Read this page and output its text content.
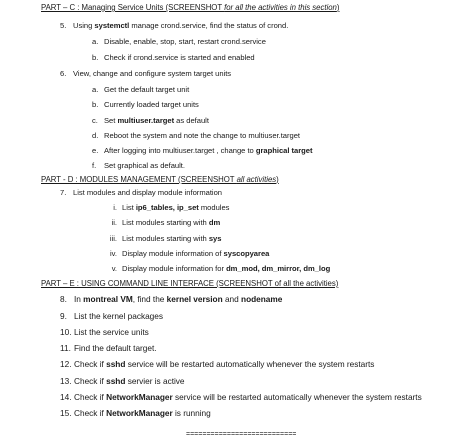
PART – C : Managing Service Units (SCREENSHOT for all the activities in this section)
5. Using systemctl manage crond.service, find the status of crond.
a. Disable, enable, stop, start, restart crond.service
b. Check if crond.service is started and enabled
6. View, change and configure system target units
a. Get the default target unit
b. Currently loaded target units
c. Set multiuser.target as default
d. Reboot the system and note the change to multiuser.target
e. After logging into multiuser.target , change to graphical target
f. Set graphical as default.
PART - D : MODULES MANAGEMENT (SCREENSHOT all activities)
7. List modules and display module information
i. List ip6_tables, ip_set modules
ii. List modules starting with dm
iii. List modules starting with sys
iv. Display module information of syscopyarea
v. Display module information for dm_mod, dm_mirror, dm_log
PART – E : USING COMMAND LINE INTERFACE (SCREENSHOT of all the activities)
8. In montreal VM, find the kernel version and nodename
9. List the kernel packages
10. List the service units
11. Find the default target.
12. Check if sshd service will be restarted automatically whenever the system restarts
13. Check if sshd servier is active
14. Check if NetworkManager service will be restarted automatically whenever the system restarts
15. Check if NetworkManager is running
===========================
